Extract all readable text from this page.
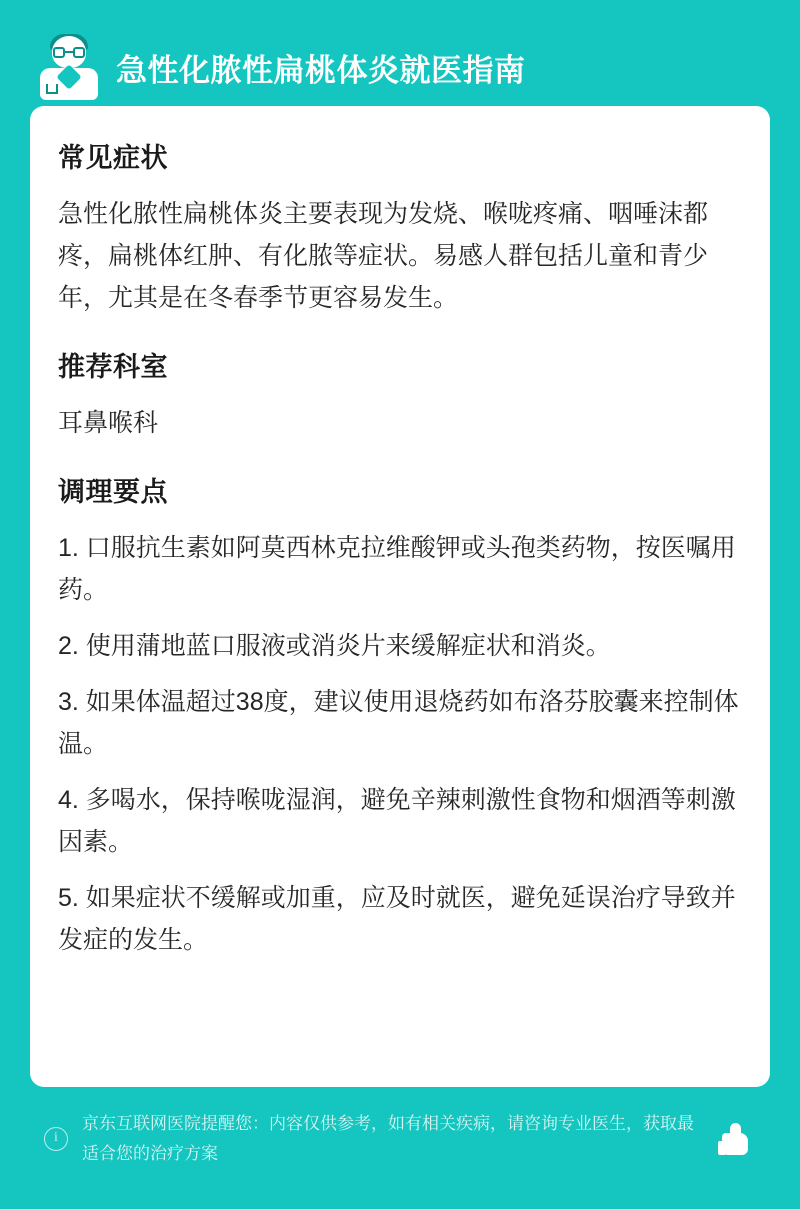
急性化脓性扁桃体炎就医指南
常见症状

急性化脓性扁桃体炎主要表现为发烧、喉咙疼痛、咽唾沫都疼，扁桃体红肿、有化脓等症状。易感人群包括儿童和青少年，尤其是在冬春季节更容易发生。

推荐科室

耳鼻喉科

调理要点
1. 口服抗生素如阿莫西林克拉维酸钾或头孢类药物，按医嘱用药。
2. 使用蒲地蓝口服液或消炎片来缓解症状和消炎。
3. 如果体温超过38度，建议使用退烧药如布洛芬胶囊来控制体温。
4. 多喝水，保持喉咙湿润，避免辛辣刺激性食物和烟酒等刺激因素。
5. 如果症状不缓解或加重，应及时就医，避免延误治疗导致并发症的发生。
i
京东互联网医院提醒您：内容仅供参考，如有相关疾病，请咨询专业医生，获取最适合您的治疗方案
